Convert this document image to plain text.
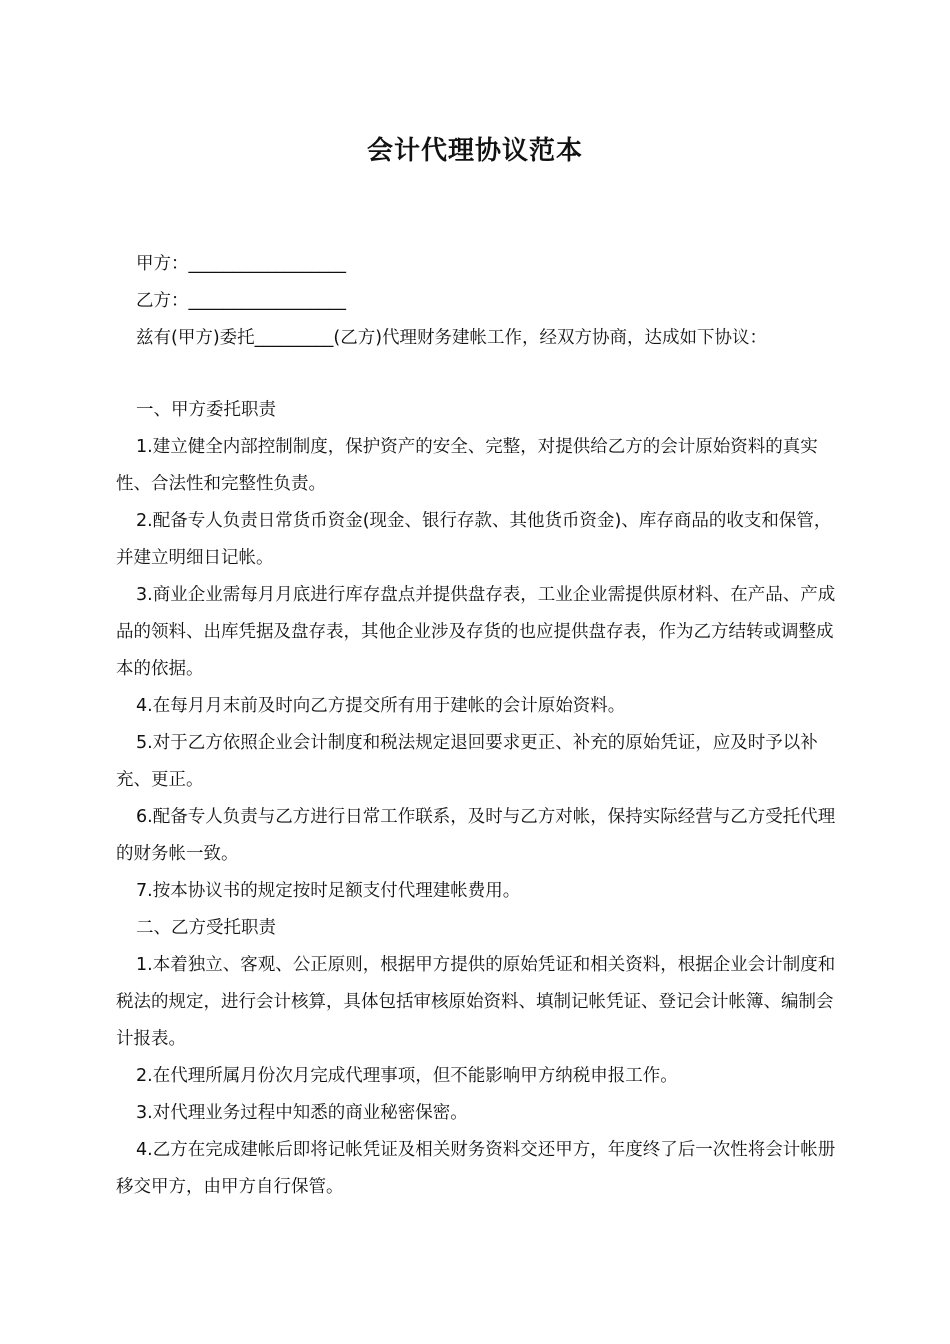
会计代理协议范本

甲方：__________________

乙方：__________________

兹有(甲方)委托_________(乙方)代理财务建帐工作，经双方协商，达成如下协议：

一、甲方委托职责

1.建立健全内部控制制度，保护资产的安全、完整，对提供给乙方的会计原始资料的真实性、合法性和完整性负责。

2.配备专人负责日常货币资金(现金、银行存款、其他货币资金)、库存商品的收支和保管，并建立明细日记帐。

3.商业企业需每月月底进行库存盘点并提供盘存表，工业企业需提供原材料、在产品、产成品的领料、出库凭据及盘存表，其他企业涉及存货的也应提供盘存表，作为乙方结转或调整成本的依据。

4.在每月月末前及时向乙方提交所有用于建帐的会计原始资料。

5.对于乙方依照企业会计制度和税法规定退回要求更正、补充的原始凭证，应及时予以补充、更正。

6.配备专人负责与乙方进行日常工作联系，及时与乙方对帐，保持实际经营与乙方受托代理的财务帐一致。

7.按本协议书的规定按时足额支付代理建帐费用。

二、乙方受托职责

1.本着独立、客观、公正原则，根据甲方提供的原始凭证和相关资料，根据企业会计制度和税法的规定，进行会计核算，具体包括审核原始资料、填制记帐凭证、登记会计帐簿、编制会计报表。

2.在代理所属月份次月完成代理事项，但不能影响甲方纳税申报工作。

3.对代理业务过程中知悉的商业秘密保密。

4.乙方在完成建帐后即将记帐凭证及相关财务资料交还甲方，年度终了后一次性将会计帐册移交甲方，由甲方自行保管。
